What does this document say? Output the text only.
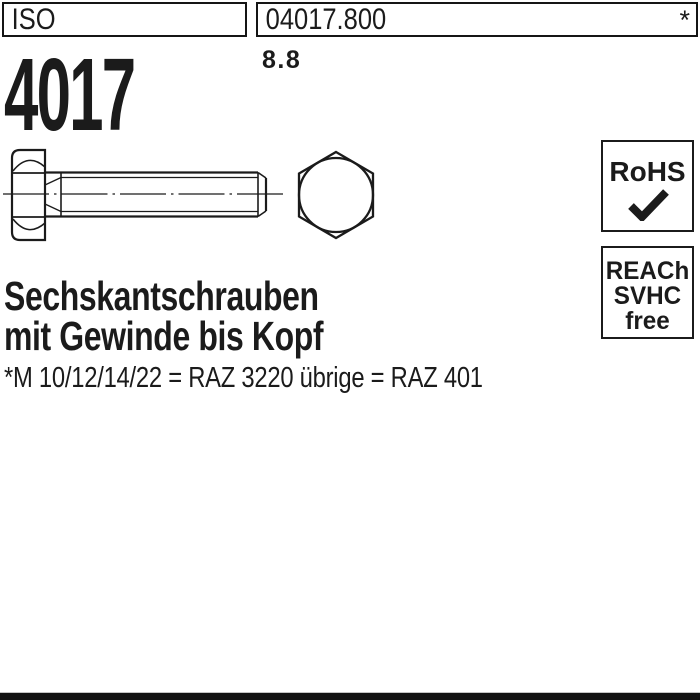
ISO	04017.800	*
4017	8.8
RoHS
REACh
SVHC
free
Sechskantschrauben
mit Gewinde bis Kopf
*M 10/12/14/22 = RAZ 3220 übrige = RAZ 401
